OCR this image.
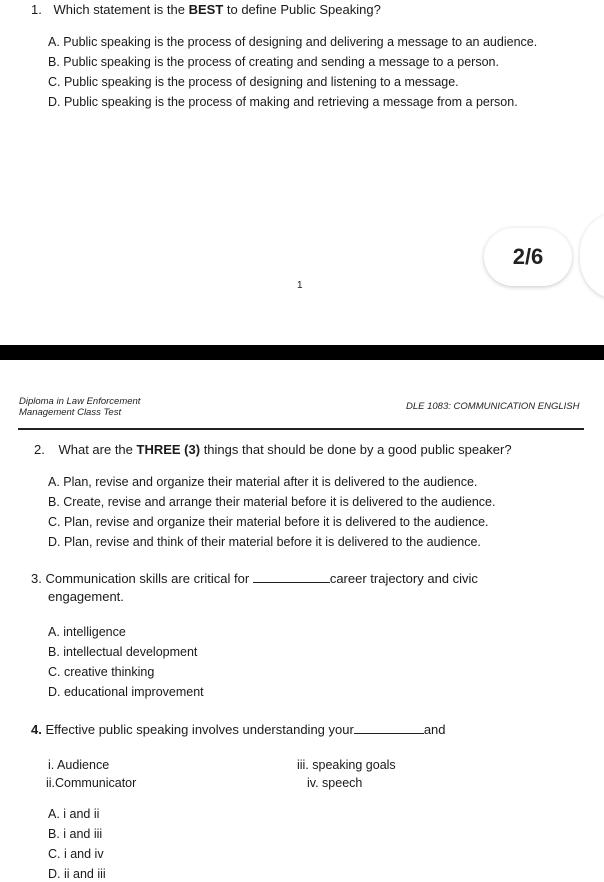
1. Which statement is the BEST to define Public Speaking?
A. Public speaking is the process of designing and delivering a message to an audience.
B. Public speaking is the process of creating and sending a message to a person.
C. Public speaking is the process of designing and listening to a message.
D. Public speaking is the process of making and retrieving a message from a person.
1
2/6
Diploma in Law Enforcement
Management Class Test
DLE 1083: COMMUNICATION ENGLISH
2. What are the THREE (3) things that should be done by a good public speaker?
A. Plan, revise and organize their material after it is delivered to the audience.
B. Create, revise and arrange their material before it is delivered to the audience.
C. Plan, revise and organize their material before it is delivered to the audience.
D. Plan, revise and think of their material before it is delivered to the audience.
3. Communication skills are critical for	career trajectory and civic
engagement.
A. intelligence
B. intellectual development
C. creative thinking
D. educational improvement
4. Effective public speaking involves understanding your	and
i. Audience
ii.Communicator
iii. speaking goals
iv. speech
A. i and ii
B. i and iii
C. i and iv
D. ii and iii
